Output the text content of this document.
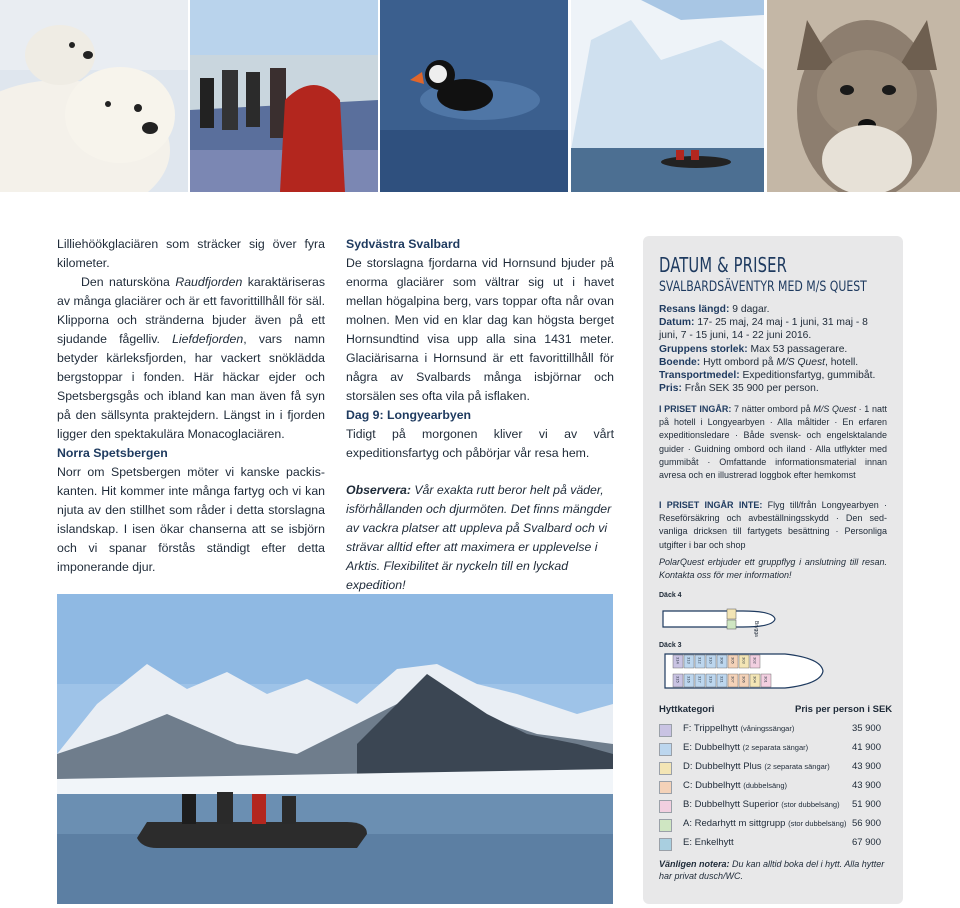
Lilliehöökglaciären som sträcker sig över fyra kilometer.

Den natursköna Raudfjorden karaktäriseras av många glaciärer och är ett favorittillhåll för säl. Klipporna och stränderna bjuder även på ett sjudande fågelliv. Liefdefjorden, vars namn betyder kärleksfjorden, har vackert snöklädda bergstoppar i fonden. Här häckar ejder och Spetsbergsgås och ibland kan man även få syn på den sällsynta praktejdern. Längst in i fjorden ligger den spektakulära Monacoglaciären.

Norra Spetsbergen

Norr om Spetsbergen möter vi kanske packis-kanten. Hit kommer inte många fartyg och vi kan njuta av den stillhet som råder i detta storslagna islandskap. I isen ökar chanserna att se isbjörn och vi spanar förstås ständigt efter detta imponerande djur.

Sydvästra Svalbard

De storslagna fjordarna vid Hornsund bjuder på enorma glaciärer som vältrar sig ut i havet mellan högalpina berg, vars toppar ofta når ovan molnen. Men vid en klar dag kan högsta berget Hornsundtind visa upp alla sina 1431 meter. Glaciärisarna i Hornsund är ett favorittillhåll för några av Svalbards många isbjörnar och storsälen ses ofta vila på isflaken.

Dag 9: Longyearbyen

Tidigt på morgonen kliver vi av vårt expeditionsfartyg och påbörjar vår resa hem.

Observera: Vår exakta rutt beror helt på väder, isförhållanden och djurmöten. Det finns mängder av vackra platser att uppleva på Svalbard och vi strävar alltid efter att maximera er upplevelse i Arktis. Flexibilitet är nyckeln till en lyckad expedition!
DATUM & PRISER
SVALBARDSÄVENTYR MED M/S QUEST
Resans längd: 9 dagar.
Datum: 17- 25 maj, 24 maj - 1 juni, 31 maj - 8 juni, 7 - 15 juni, 14 - 22 juni 2016.
Gruppens storlek: Max 53 passagerare.
Boende: Hytt ombord på M/S Quest, hotell.
Transportmedel: Expeditionsfartyg, gummibåt.
Pris: Från SEK 35 900 per person.
I PRISET INGÅR: 7 nätter ombord på M/S Quest · 1 natt på hotell i Longyearbyen · Alla måltider · En erfaren expeditionsledare · Både svensk- och engelsktalande guider · Guidning ombord och iland · Alla utflykter med gummibåt · Omfattande informationsmaterial innan avresa och en illustrerad loggbok efter hemkomst
I PRISET INGÅR INTE: Flyg till/från Longyearbyen · Reseförsäkring och avbeställningsskydd · Den sed-vanliga dricksen till fartygets besättning · Personliga utgifter i bar och shop
PolarQuest erbjuder ett gruppflyg i anslutning till resan. Kontakta oss för mer information!
Däck 4
Brygga
Däck 3
314 313 312 310 308 305 303 302
315 316 317 319 321 307 306 304 301
Hyttkategori	Pris per person i SEK
F: Trippelhytt (våningssängar)	35 900
E: Dubbelhytt (2 separata sängar)	41 900
D: Dubbelhytt Plus (2 separata sängar) 43 900
C: Dubbelhytt (dubbelsäng)	43 900
B: Dubbelhytt Superior (stor dubbelsäng) 51 900
A: Redarhytt m sittgrupp (stor dubbelsäng) 56 900
E: Enkelhytt	67 900
Vänligen notera: Du kan alltid boka del i hytt. Alla hytter har privat dusch/WC.
